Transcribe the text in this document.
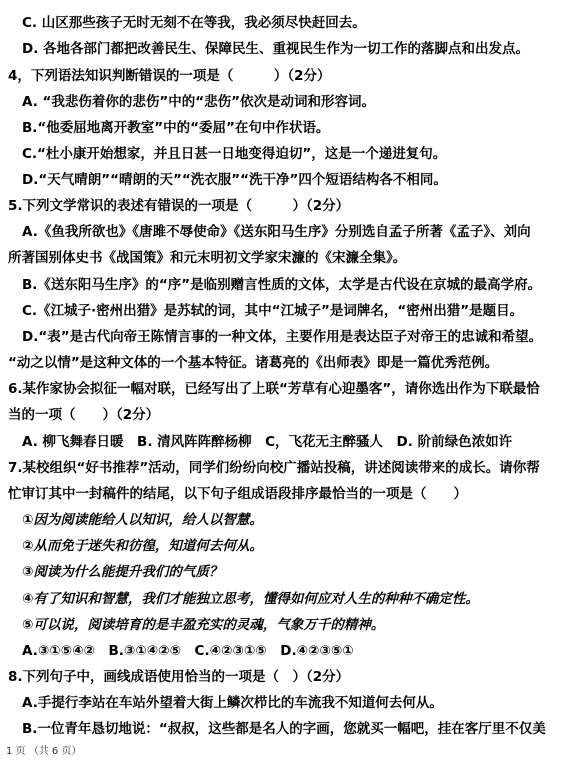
C. 山区那些孩子无时无刻不在等我，我必须尽快赶回去。
D. 各地各部门都把改善民生、保障民生、重视民生作为一切工作的落脚点和出发点。
4，下列语法知识判断错误的一项是（　　　）（2分）
A. “我悲伤着你的悲伤”中的“悲伤”依次是动词和形容词。
B.“他委屈地离开教室”中的“委屈”在句中作状语。
C.“杜小康开始想家，并且日甚一日地变得迫切”，这是一个递进复句。
D.“天气晴朗”“晴朗的天”“洗衣服”“洗干净”四个短语结构各不相同。
5.下列文学常识的表述有错误的一项是（　　　）（2分）
A.《鱼我所欲也》《唐雎不辱使命》《送东阳马生序》分别选自孟子所著《孟子》、刘向
所著国别体史书《战国策》和元末明初文学家宋濂的《宋濂全集》。
B.《送东阳马生序》的“序”是临别赠言性质的文体，太学是古代设在京城的最高学府。
C.《江城子·密州出猎》是苏轼的词，其中“江城子”是词牌名，“密州出猎”是题目。
D.“表”是古代向帝王陈情言事的一种文体，主要作用是表达臣子对帝王的忠诚和希望。
“动之以情”是这种文体的一个基本特征。诸葛亮的《出师表》即是一篇优秀范例。
6.某作家协会拟征一幅对联，已经写出了上联“芳草有心迎墨客”，请你选出作为下联最恰
当的一项（　　）（2分）
A. 柳飞舞春日暖　B. 清风阵阵醉杨柳　C，飞花无主醉骚人　D. 阶前绿色浓如许
7.某校组织“好书推荐”活动，同学们纷纷向校广播站投稿，讲述阅读带来的成长。请你帮
忙审订其中一封稿件的结尾，以下句子组成语段排序最恰当的一项是（　　）
①因为阅读能给人以知识，给人以智慧。
②从而免于迷失和彷徨，知道何去何从。
③阅读为什么能提升我们的气质？
④有了知识和智慧，我们才能独立思考，懂得如何应对人生的种种不确定性。
⑤可以说，阅读培育的是丰盈充实的灵魂，气象万千的精神。
A.③①⑤④②　B.③①④②⑤　C.④②③①⑤　D.④②③⑤①
8.下列句子中，画线成语使用恰当的一项是（　）（2分）
A.手提行李站在车站外望着大街上鳞次栉比的车流我不知道何去何从。
B.一位青年恳切地说：“叔叔，这些都是名人的字画，您就买一幅吧，挂在客厅里不仅美
1 页 （共 6 页）
